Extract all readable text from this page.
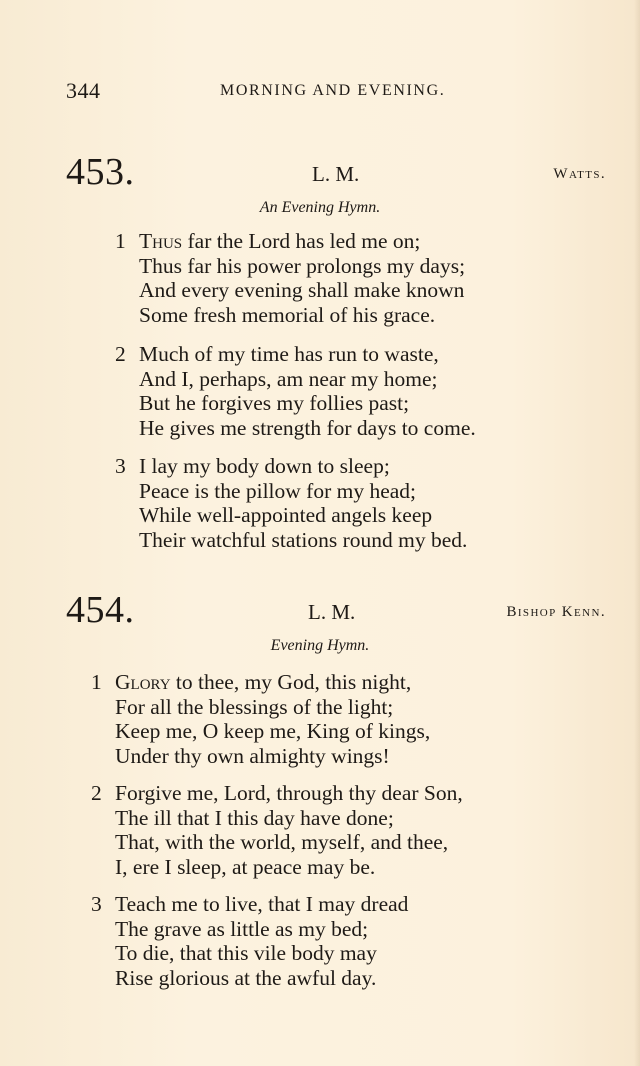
344	MORNING AND EVENING.
453.	L. M.	Watts.
An Evening Hymn.
1 Thus far the Lord has led me on;
Thus far his power prolongs my days;
And every evening shall make known
Some fresh memorial of his grace.
2 Much of my time has run to waste,
And I, perhaps, am near my home;
But he forgives my follies past;
He gives me strength for days to come.
3 I lay my body down to sleep;
Peace is the pillow for my head;
While well-appointed angels keep
Their watchful stations round my bed.
454.	L. M.	Bishop Kenn.
Evening Hymn.
1 Glory to thee, my God, this night,
For all the blessings of the light;
Keep me, O keep me, King of kings,
Under thy own almighty wings!
2 Forgive me, Lord, through thy dear Son,
The ill that I this day have done;
That, with the world, myself, and thee,
I, ere I sleep, at peace may be.
3 Teach me to live, that I may dread
The grave as little as my bed;
To die, that this vile body may
Rise glorious at the awful day.
